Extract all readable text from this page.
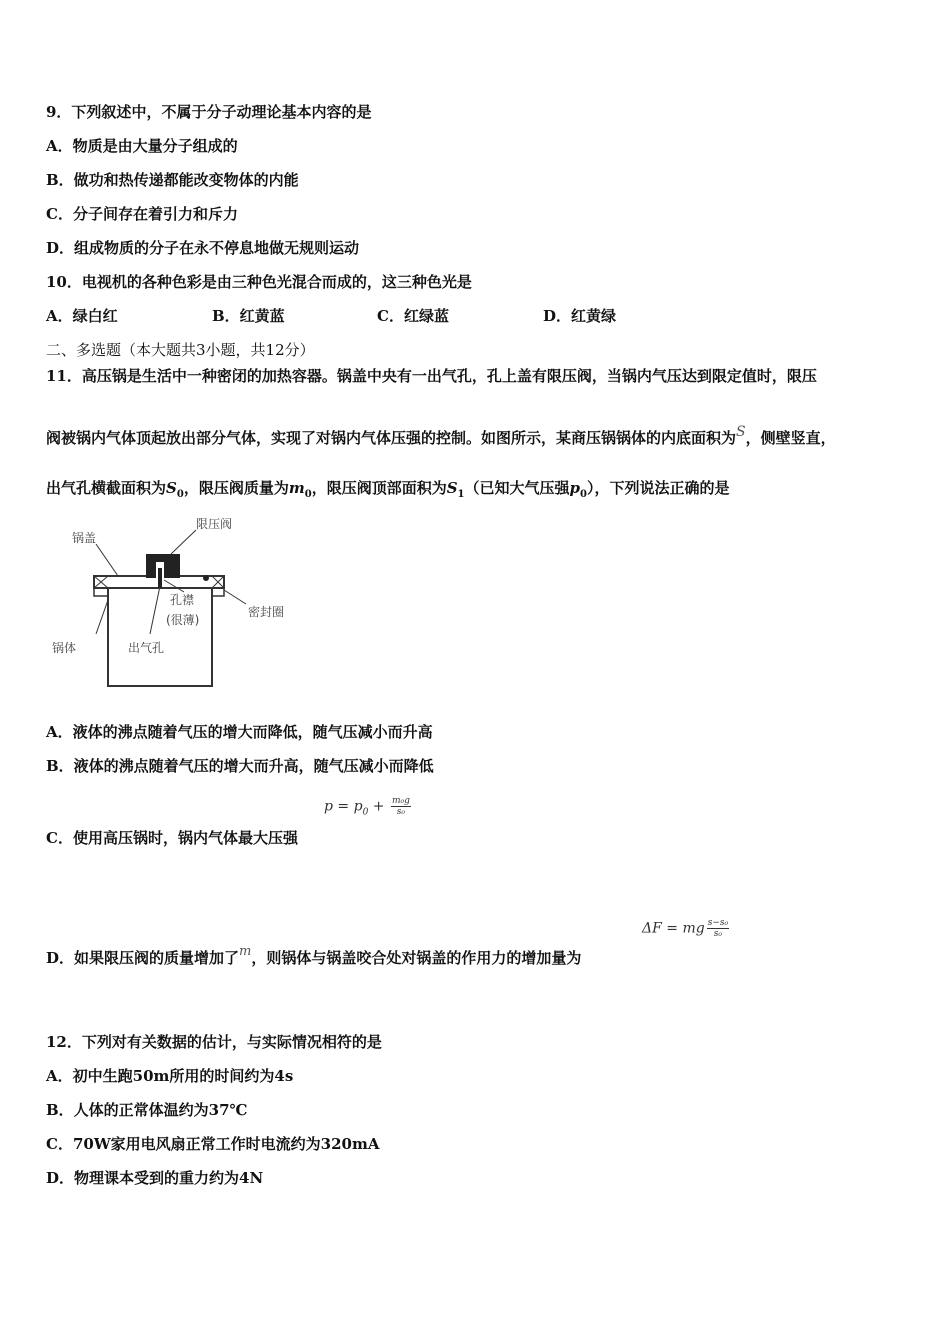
9．下列叙述中，不属于分子动理论基本内容的是
A．物质是由大量分子组成的
B．做功和热传递都能改变物体的内能
C．分子间存在着引力和斥力
D．组成物质的分子在永不停息地做无规则运动
10．电视机的各种色彩是由三种色光混合而成的，这三种色光是
A．绿白红	B．红黄蓝	C．红绿蓝	D．红黄绿
二、多选题（本大题共3小题，共12分）
11．高压锅是生活中一种密闭的加热容器。锅盖中央有一出气孔，孔上盖有限压阀，当锅内气压达到限定值时，限压
阀被锅内气体顶起放出部分气体，实现了对锅内气体压强的控制。如图所示，某商压锅锅体的内底面积为S，侧壁竖直，
出气孔横截面积为$S_0$，限压阀质量为$m_0$，限压阀顶部面积为$S_1$（已知大气压强$p_0$），下列说法正确的是
锅盖
限压阀
孔襟
(很薄)
密封圈
锅体	出气孔
A．液体的沸点随着气压的增大而降低，随气压减小而升高
B．液体的沸点随着气压的增大而升高，随气压减小而降低
$p = p_0 + \frac{\text{m₀g}}{\text{s₀}}$
C．使用高压锅时，锅内气体最大压强
ΔF = mg $\frac{\text{s−s₀}}{\text{s₀}}$
D．如果限压阀的质量增加了m，则锅体与锅盖咬合处对锅盖的作用力的增加量为
12．下列对有关数据的估计，与实际情况相符的是
A．初中生跑50m所用的时间约为4s
B．人体的正常体温约为37℃
C．70W家用电风扇正常工作时电流约为320mA
D．物理课本受到的重力约为4N
